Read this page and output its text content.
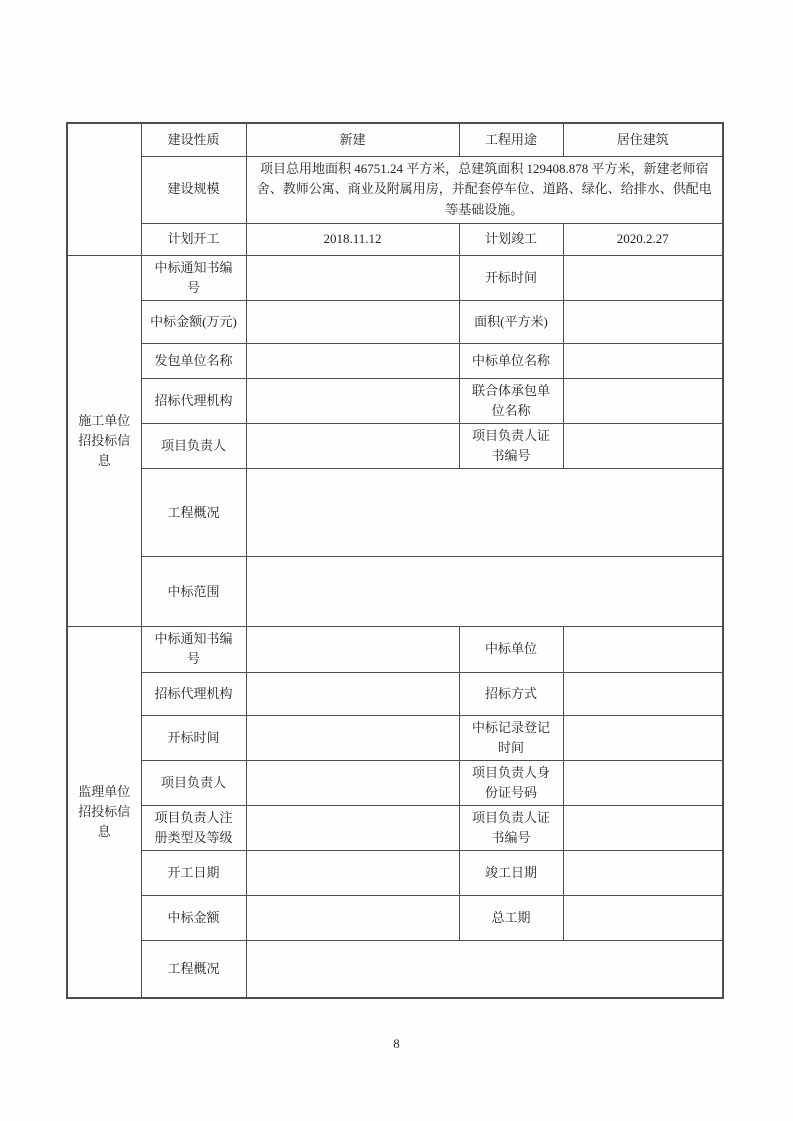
	建设性质	新建	工程用途	居住建筑
	建设规模	项目总用地面积 46751.24 平方米，总建筑面积 129408.878 平方米，新建老师宿舍、教师公寓、商业及附属用房，并配套停车位、道路、绿化、给排水、供配电等基础设施。		
	计划开工	2018.11.12	计划竣工	2020.2.27
施工单位招投标信息	中标通知书编号		开标时间	
	中标金额(万元)		面积(平方米)	
	发包单位名称		中标单位名称	
	招标代理机构		联合体承包单位名称	
	项目负责人		项目负责人证书编号	
	工程概况			
	中标范围			
监理单位招投标信息	中标通知书编号		中标单位	
	招标代理机构		招标方式	
	开标时间		中标记录登记时间	
	项目负责人		项目负责人身份证号码	
	项目负责人注册类型及等级		项目负责人证书编号	
	开工日期		竣工日期	
	中标金额		总工期	
	工程概况			
8
